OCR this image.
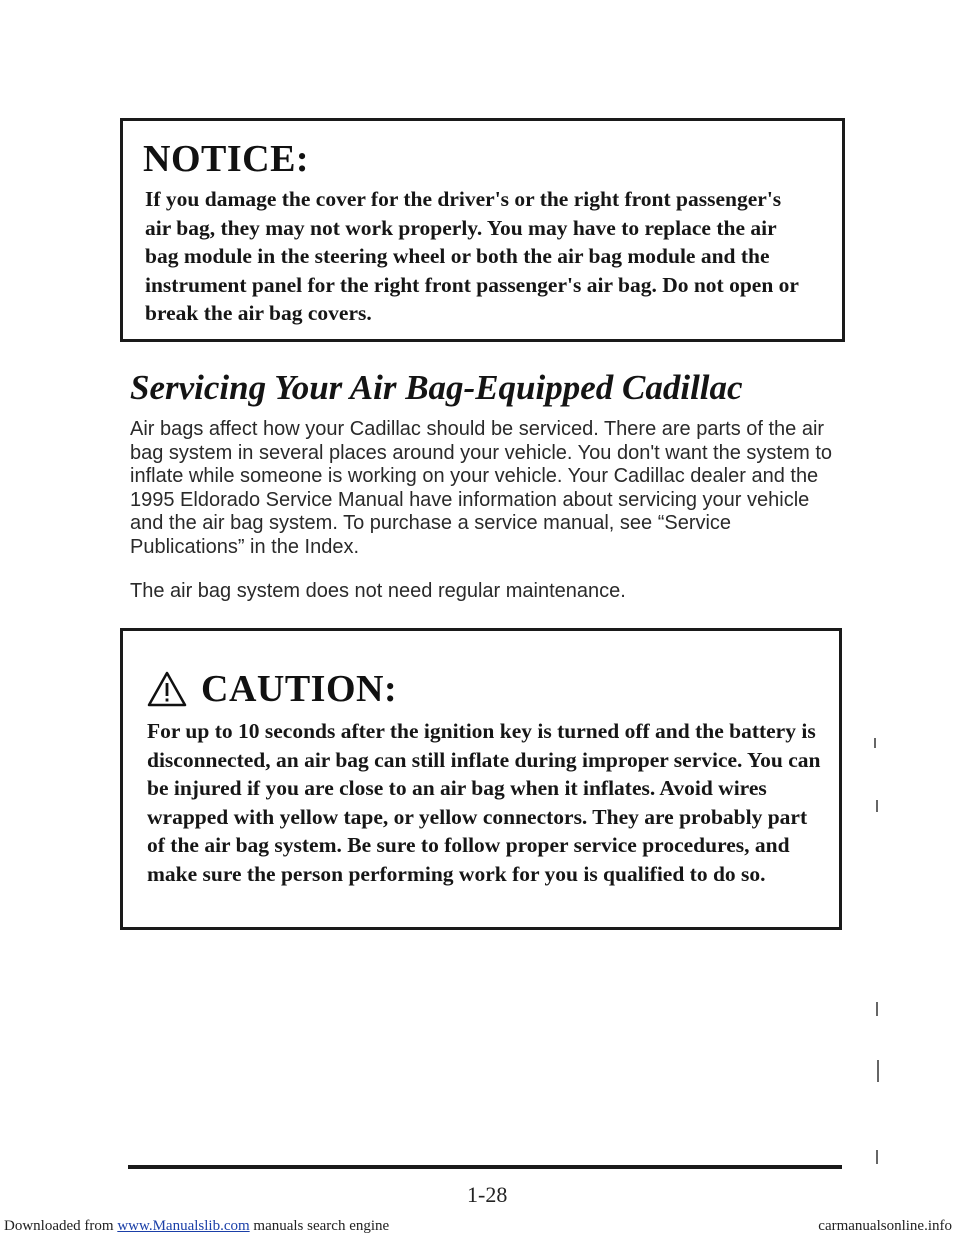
Downloaded from www.Manualslib.com manuals search engine
NOTICE:
If you damage the cover for the driver's or the right front passenger's air bag, they may not work properly. You may have to replace the air bag module in the steering wheel or both the air bag module and the instrument panel for the right front passenger's air bag. Do not open or break the air bag covers.
Servicing Your Air Bag-Equipped Cadillac
Air bags affect how your Cadillac should be serviced. There are parts of the air bag system in several places around your vehicle. You don't want the system to inflate while someone is working on your vehicle. Your Cadillac dealer and the 1995 Eldorado Service Manual have information about servicing your vehicle and the air bag system. To purchase a service manual, see “Service Publications” in the Index.
The air bag system does not need regular maintenance.
CAUTION:
For up to 10 seconds after the ignition key is turned off and the battery is disconnected, an air bag can still inflate during improper service. You can be injured if you are close to an air bag when it inflates. Avoid wires wrapped with yellow tape, or yellow connectors. They are probably part of the air bag system. Be sure to follow proper service procedures, and make sure the person performing work for you is qualified to do so.
1-28
carmanualsonline.info
